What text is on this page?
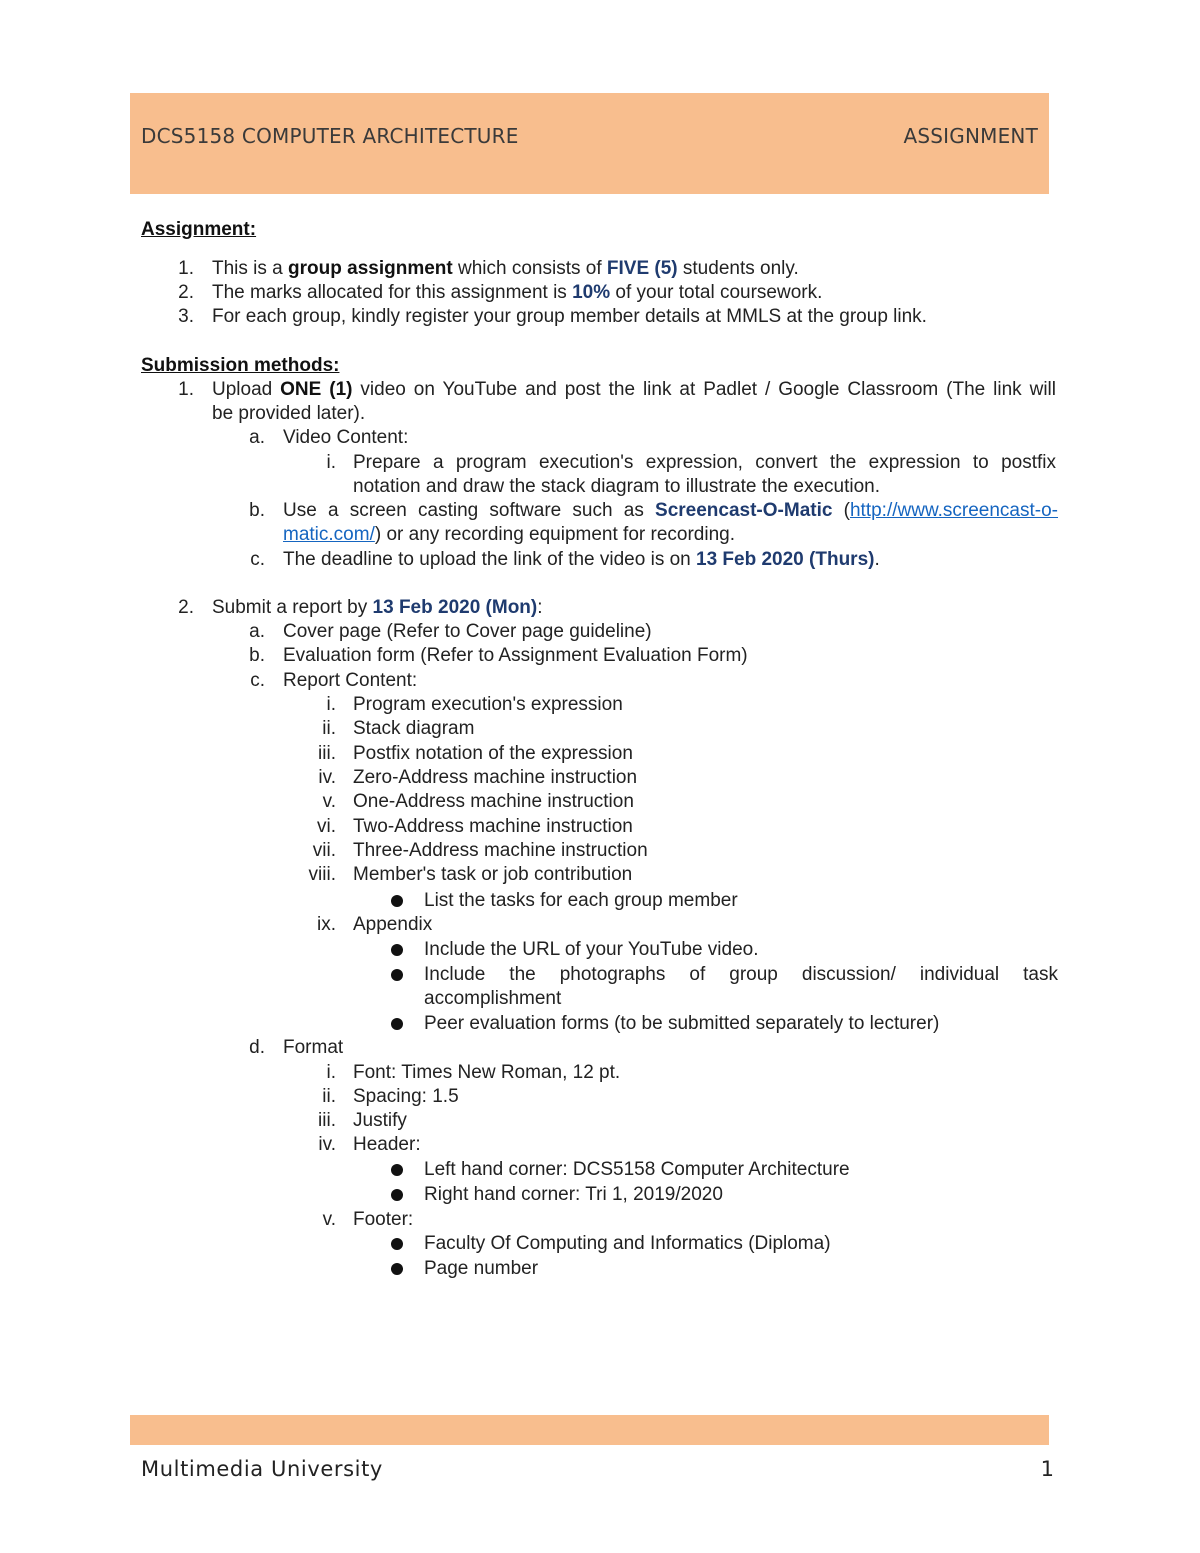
DCS5158 COMPUTER ARCHITECTURE	ASSIGNMENT
Assignment:
1. This is a group assignment which consists of FIVE (5) students only.
2. The marks allocated for this assignment is 10% of your total coursework.
3. For each group, kindly register your group member details at MMLS at the group link.
Submission methods:
1. Upload ONE (1) video on YouTube and post the link at Padlet / Google Classroom (The link will
be provided later).
a. Video Content:
i. Prepare a program execution's expression, convert the expression to postfix
notation and draw the stack diagram to illustrate the execution.
b. Use a screen casting software such as Screencast-O-Matic (http://www.screencast-o-
matic.com/) or any recording equipment for recording.
c. The deadline to upload the link of the video is on 13 Feb 2020 (Thurs).
2. Submit a report by 13 Feb 2020 (Mon):
a. Cover page (Refer to Cover page guideline)
b. Evaluation form (Refer to Assignment Evaluation Form)
c. Report Content:
i. Program execution's expression
ii. Stack diagram
iii. Postfix notation of the expression
iv. Zero-Address machine instruction
v. One-Address machine instruction
vi. Two-Address machine instruction
vii. Three-Address machine instruction
viii. Member's task or job contribution
List the tasks for each group member
ix. Appendix
Include the URL of your YouTube video.
Include the photographs of group discussion/ individual task
accomplishment
Peer evaluation forms (to be submitted separately to lecturer)
d. Format
i. Font: Times New Roman, 12 pt.
ii. Spacing: 1.5
iii. Justify
iv. Header:
Left hand corner: DCS5158 Computer Architecture
Right hand corner: Tri 1, 2019/2020
v. Footer:
Faculty Of Computing and Informatics (Diploma)
Page number
Multimedia University	1
